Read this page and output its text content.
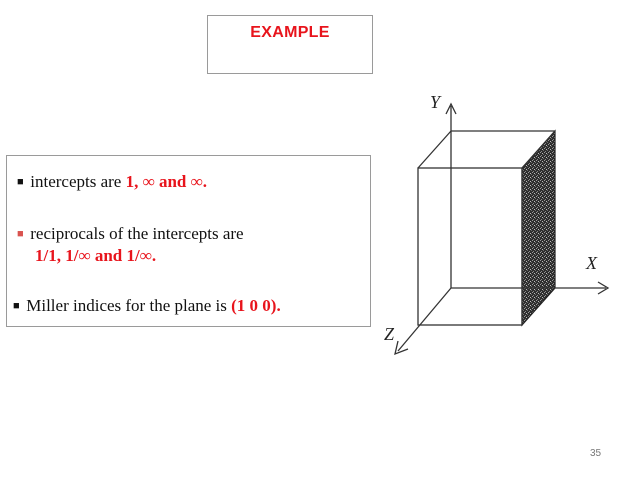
EXAMPLE
■ intercepts are 1, ∞ and ∞.
■ reciprocals of the intercepts are
1/1, 1/∞ and 1/∞.
■ Miller indices for the plane is (1 0 0).
Y
X
Z
35
